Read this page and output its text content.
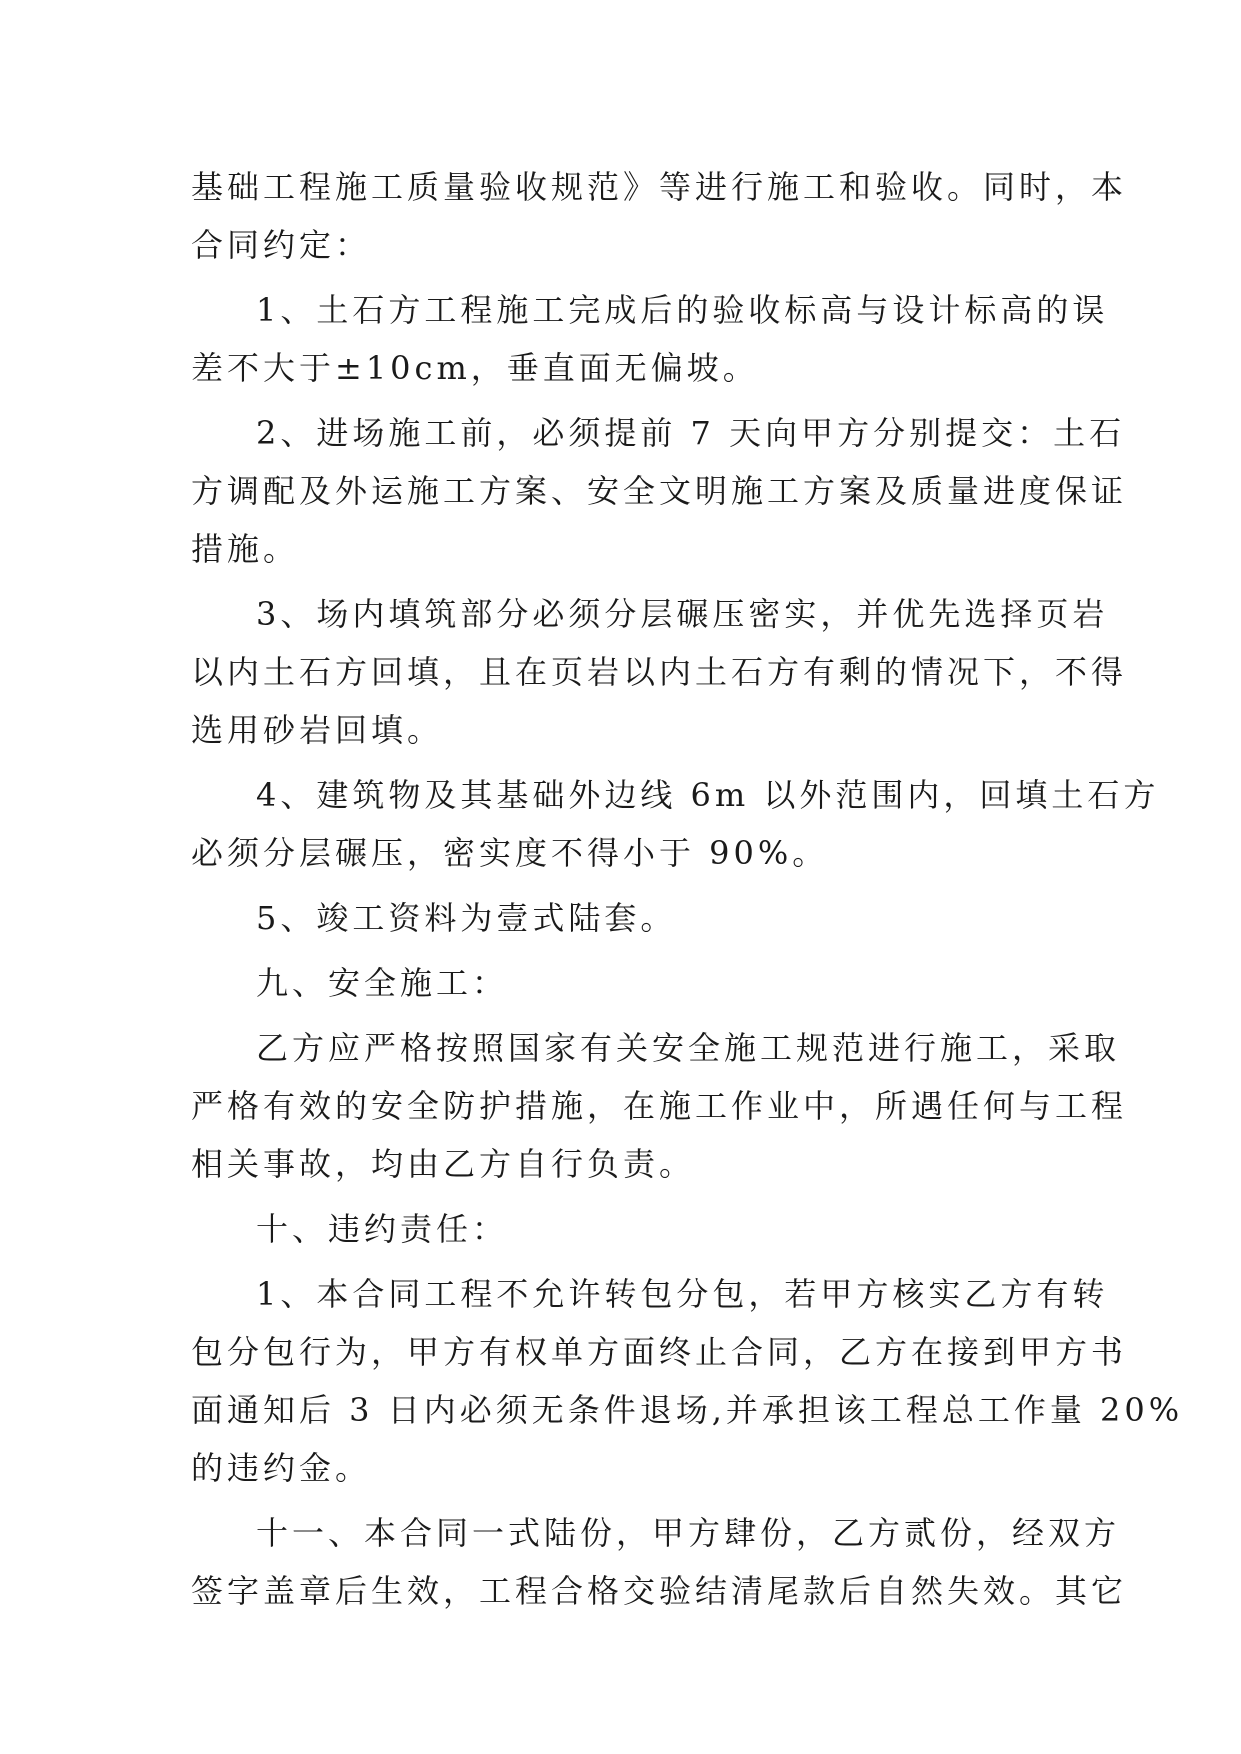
基础工程施工质量验收规范》等进行施工和验收。同时，本
合同约定：
1、土石方工程施工完成后的验收标高与设计标高的误
差不大于±10cm，垂直面无偏坡。
2、进场施工前，必须提前 7 天向甲方分别提交：土石
方调配及外运施工方案、安全文明施工方案及质量进度保证
措施。
3、场内填筑部分必须分层碾压密实，并优先选择页岩
以内土石方回填，且在页岩以内土石方有剩的情况下，不得
选用砂岩回填。
4、建筑物及其基础外边线 6m 以外范围内，回填土石方
必须分层碾压，密实度不得小于 90%。
5、竣工资料为壹式陆套。
九、安全施工：
乙方应严格按照国家有关安全施工规范进行施工，采取
严格有效的安全防护措施，在施工作业中，所遇任何与工程
相关事故，均由乙方自行负责。
十、违约责任：
1、本合同工程不允许转包分包，若甲方核实乙方有转
包分包行为，甲方有权单方面终止合同，乙方在接到甲方书
面通知后 3 日内必须无条件退场,并承担该工程总工作量 20%
的违约金。
十一、本合同一式陆份，甲方肆份，乙方贰份，经双方
签字盖章后生效，工程合格交验结清尾款后自然失效。其它
